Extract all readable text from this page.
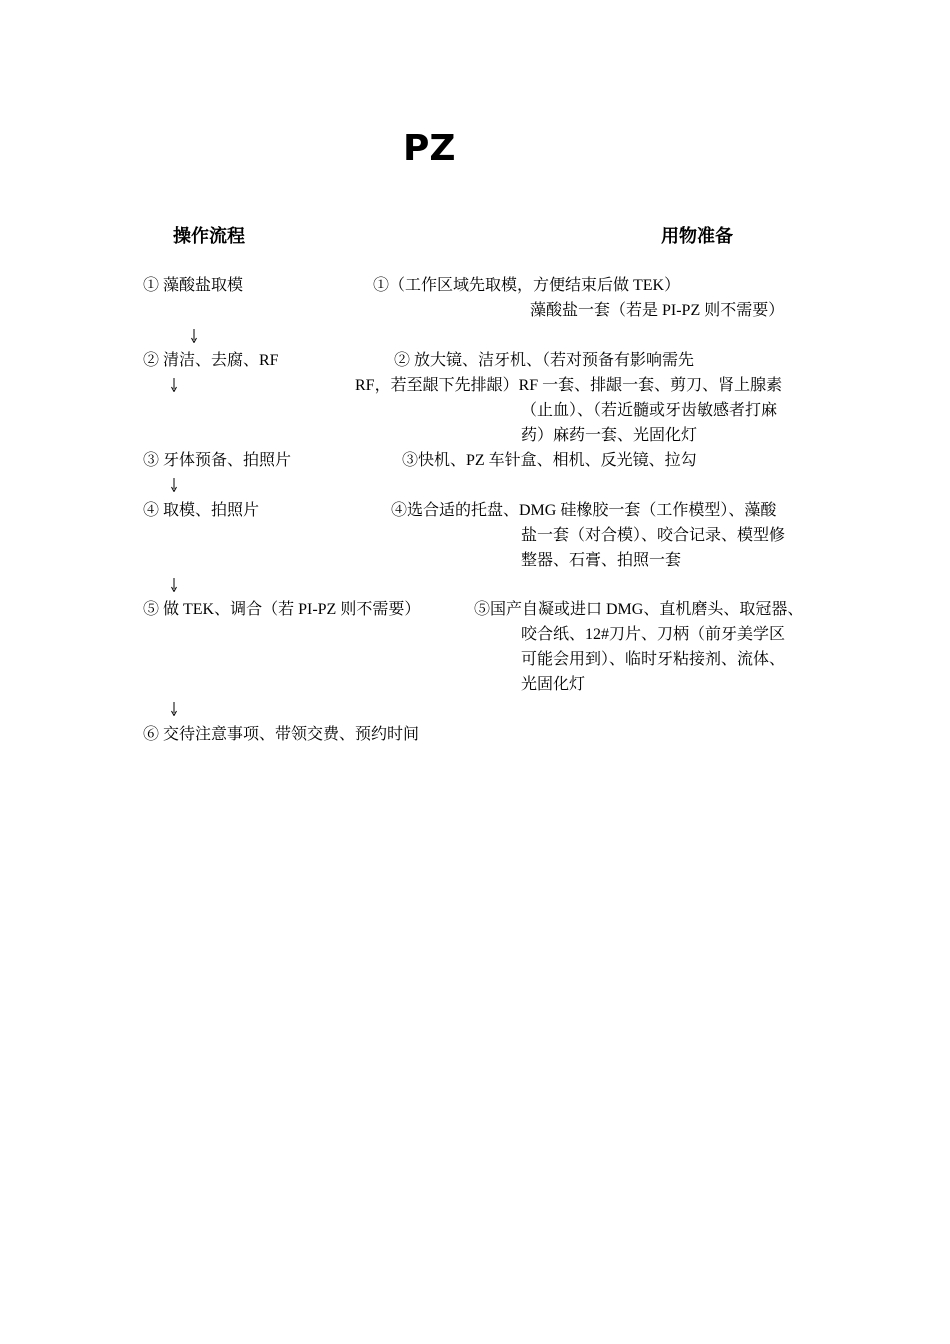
PZ
操作流程	用物准备
① 藻酸盐取模	①（工作区域先取模，方便结束后做 TEK）
藻酸盐一套（若是 PI-PZ 则不需要）
② 清洁、去腐、RF	② 放大镜、洁牙机、（若对预备有影响需先
RF，若至龈下先排龈）RF 一套、排龈一套、剪刀、肾上腺素
（止血）、（若近髓或牙齿敏感者打麻
药）麻药一套、光固化灯
③ 牙体预备、拍照片	③快机、PZ 车针盒、相机、反光镜、拉勾
④ 取模、拍照片	④选合适的托盘、DMG 硅橡胶一套（工作模型）、藻酸
盐一套（对合模）、咬合记录、模型修
整器、石膏、拍照一套
⑤ 做 TEK、调合（若 PI-PZ 则不需要）	⑤国产自凝或进口 DMG、直机磨头、取冠器、
咬合纸、12#刀片、刀柄（前牙美学区
可能会用到）、临时牙粘接剂、流体、
光固化灯
⑥ 交待注意事项、带领交费、预约时间
